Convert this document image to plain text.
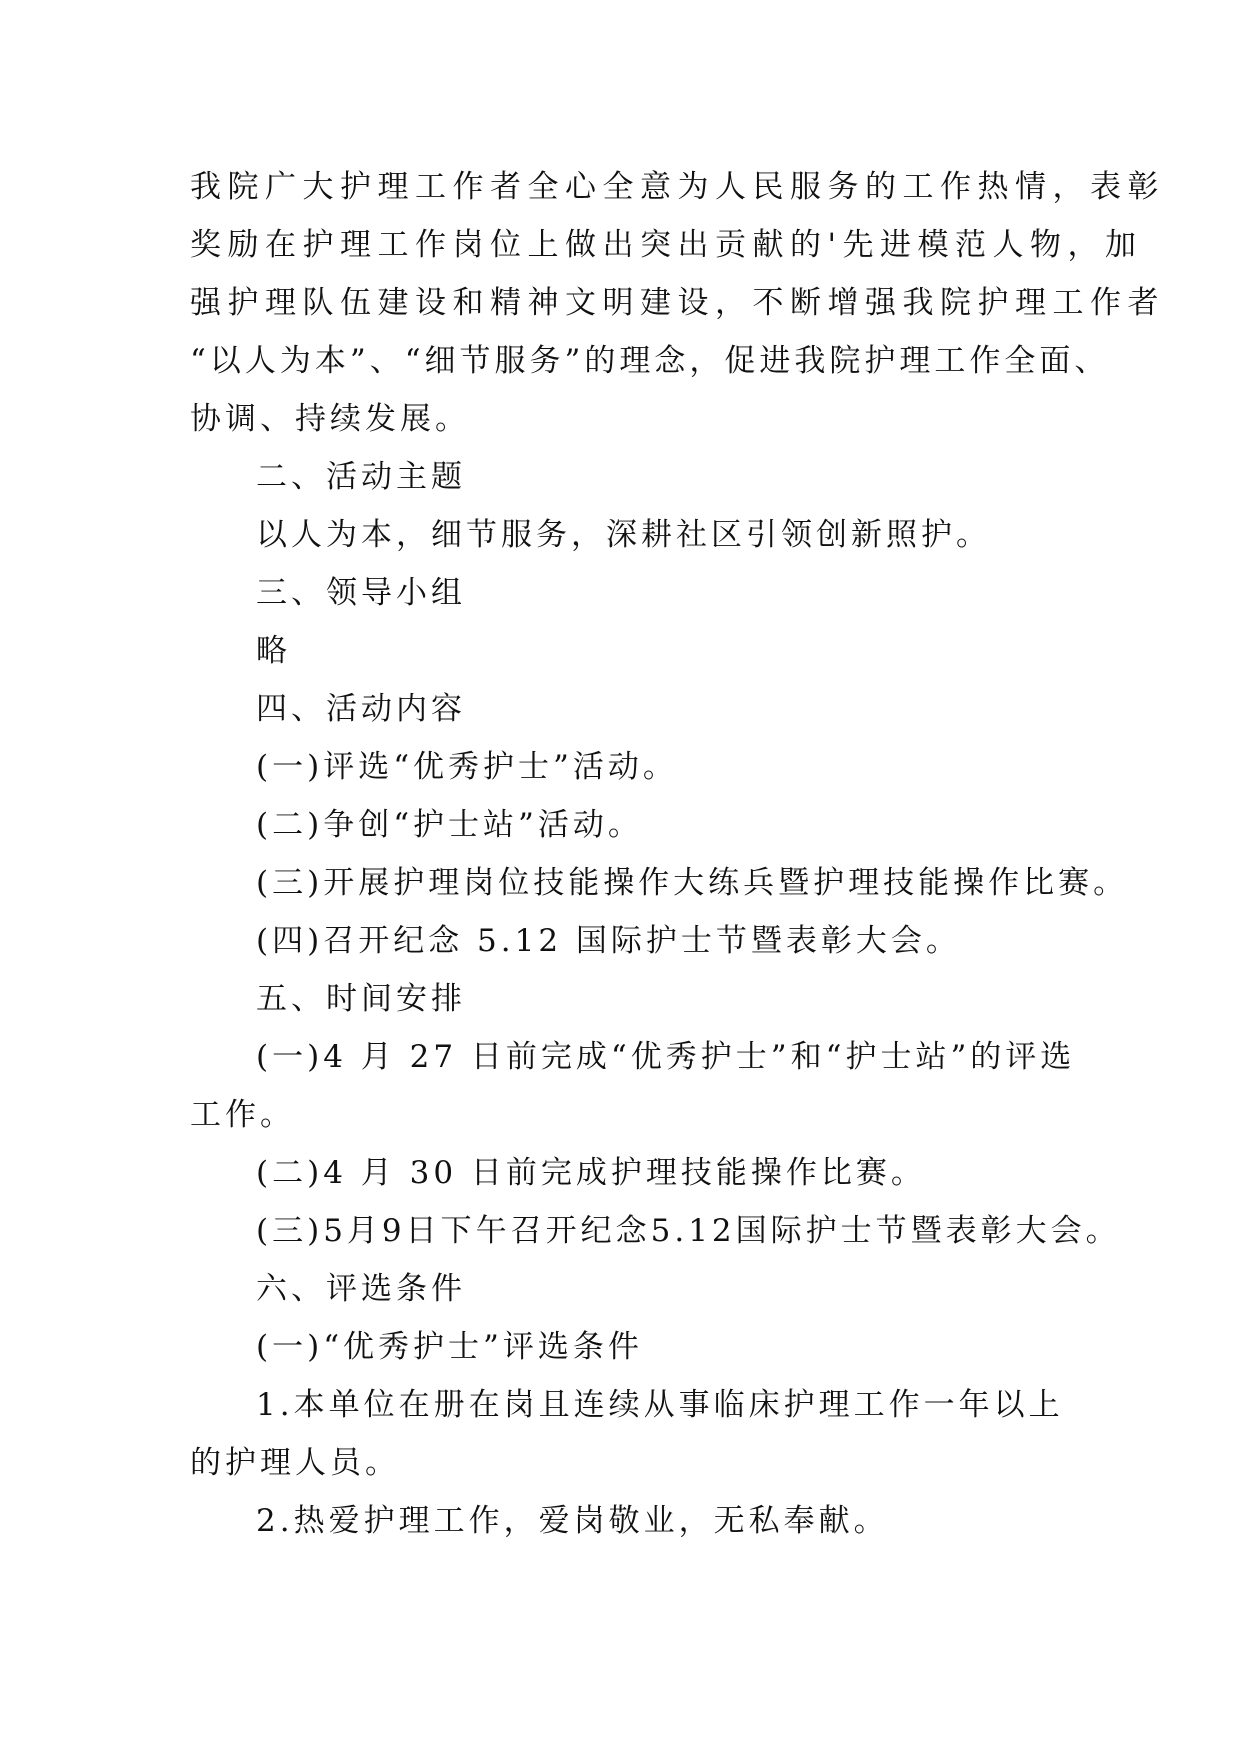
我院广大护理工作者全心全意为人民服务的工作热情，表彰
奖励在护理工作岗位上做出突出贡献的'先进模范人物，加
强护理队伍建设和精神文明建设，不断增强我院护理工作者
“以人为本”、“细节服务”的理念，促进我院护理工作全面、
协调、持续发展。
二、活动主题
以人为本，细节服务，深耕社区引领创新照护。
三、领导小组
略
四、活动内容
(一)评选“优秀护士”活动。
(二)争创“护士站”活动。
(三)开展护理岗位技能操作大练兵暨护理技能操作比赛。
(四)召开纪念 5.12 国际护士节暨表彰大会。
五、时间安排
(一)4 月 27 日前完成“优秀护士”和“护士站”的评选
工作。
(二)4 月 30 日前完成护理技能操作比赛。
(三)5月9日下午召开纪念5.12国际护士节暨表彰大会。
六、评选条件
(一)“优秀护士”评选条件
1.本单位在册在岗且连续从事临床护理工作一年以上
的护理人员。
2.热爱护理工作，爱岗敬业，无私奉献。
